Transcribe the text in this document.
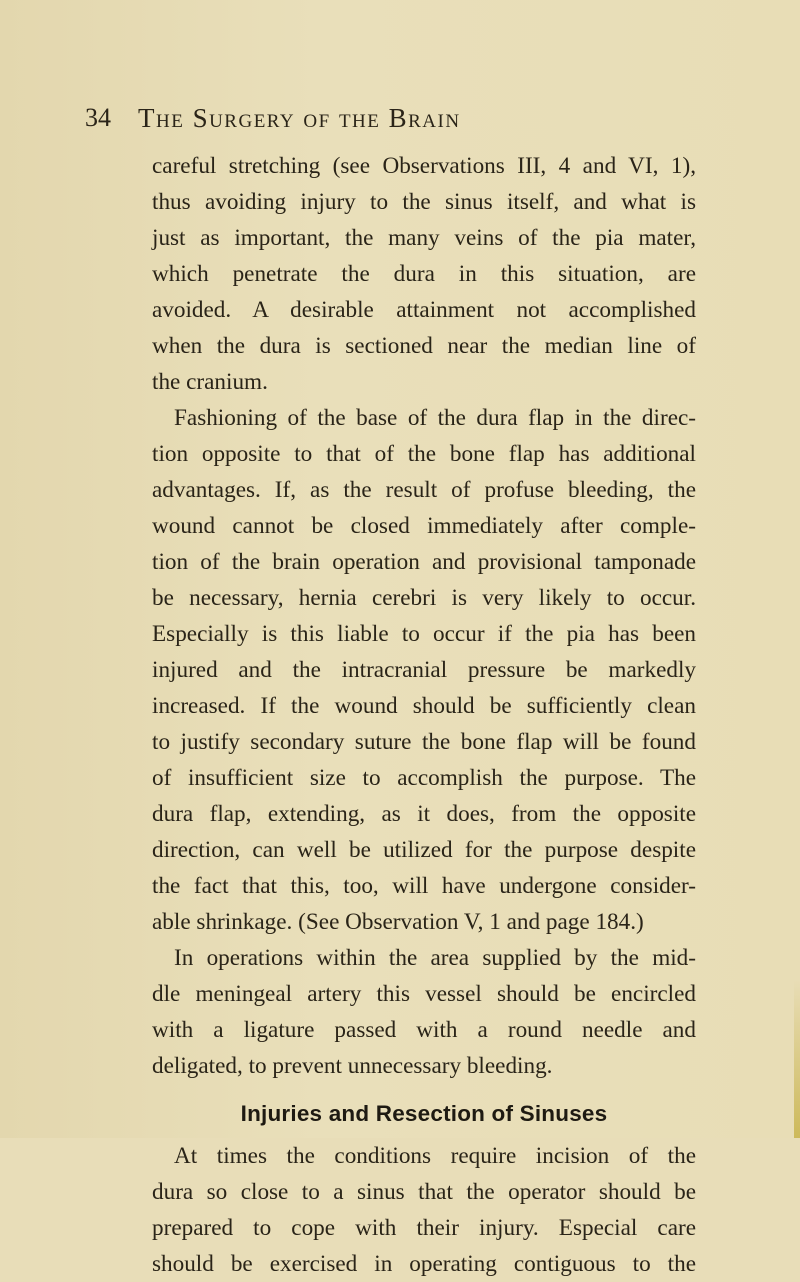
34 The Surgery of the Brain
careful stretching (see Observations III, 4 and VI, 1),
thus avoiding injury to the sinus itself, and what is
just as important, the many veins of the pia mater,
which penetrate the dura in this situation, are
avoided. A desirable attainment not accomplished
when the dura is sectioned near the median line of
the cranium.
Fashioning of the base of the dura flap in the direc-
tion opposite to that of the bone flap has additional
advantages. If, as the result of profuse bleeding, the
wound cannot be closed immediately after comple-
tion of the brain operation and provisional tamponade
be necessary, hernia cerebri is very likely to occur.
Especially is this liable to occur if the pia has been
injured and the intracranial pressure be markedly
increased. If the wound should be sufficiently clean
to justify secondary suture the bone flap will be found
of insufficient size to accomplish the purpose. The
dura flap, extending, as it does, from the opposite
direction, can well be utilized for the purpose despite
the fact that this, too, will have undergone consider-
able shrinkage. (See Observation V, 1 and page 184.)
In operations within the area supplied by the mid-
dle meningeal artery this vessel should be encircled
with a ligature passed with a round needle and
deligated, to prevent unnecessary bleeding.
Injuries and Resection of Sinuses
At times the conditions require incision of the
dura so close to a sinus that the operator should be
prepared to cope with their injury. Especial care
should be exercised in operating contiguous to the
